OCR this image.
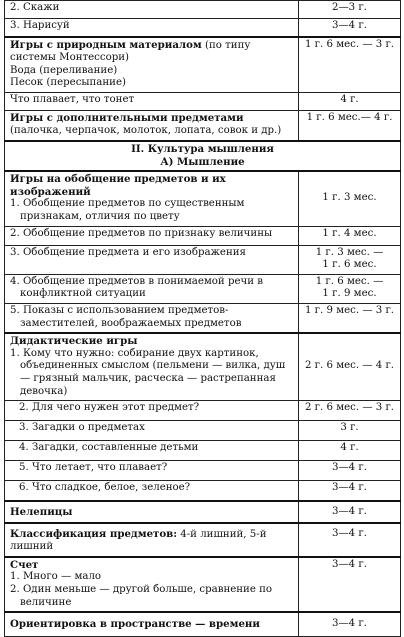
2. Скажи	2—3 г.
3. Нарисуй	3—4 г.
Игры с природным материалом (по типу системы Монтессори)
Вода (переливание)
Песок (пересыпание)	1 г. 6 мес. — 3 г.
Что плавает, что тонет	4 г.
Игры с дополнительными предметами (палочка, черпачок, молоток, лопата, совок и др.)	1 г. 6 мес.— 4 г.

II. Культура мышления
А) Мышление	

Игры на обобщение предметов и их изображений
1. Обобщение предметов по существенным признакам, отличия по цвету	1 г. 3 мес.
2. Обобщение предметов по признаку величины	1 г. 4 мес.
3. Обобщение предмета и его изображения	1 г. 3 мес. —
1 г. 6 мес.

4. Обобщение предметов в понимаемой речи в конфликтной ситуации	1 г. 6 мес. —
1 г. 9 мес.

5. Показы с использованием предметов-заместителей, воображаемых предметов	1 г. 9 мес. — 3 г.

Дидактические игры
1. Кому что нужно: собирание двух картинок, объединенных смыслом (пельмени — вилка, душ — грязный мальчик, расческа — растрепанная девочка)	2 г. 6 мес. — 4 г.
2. Для чего нужен этот предмет?	2 г. 6 мес. — 3 г.
3. Загадки о предметах	3 г.
4. Загадки, составленные детьми	4 г.
5. Что летает, что плавает?	3—4 г.
6. Что сладкое, белое, зеленое?	3—4 г.
Нелепицы	3—4 г.
Классификация предметов: 4-й лишний, 5-й лишний	3—4 г.

Счет
1. Много — мало
2. Один меньше — другой больше, сравнение по величине	3—4 г.
Ориентировка в пространстве — времени	3—4 г.
